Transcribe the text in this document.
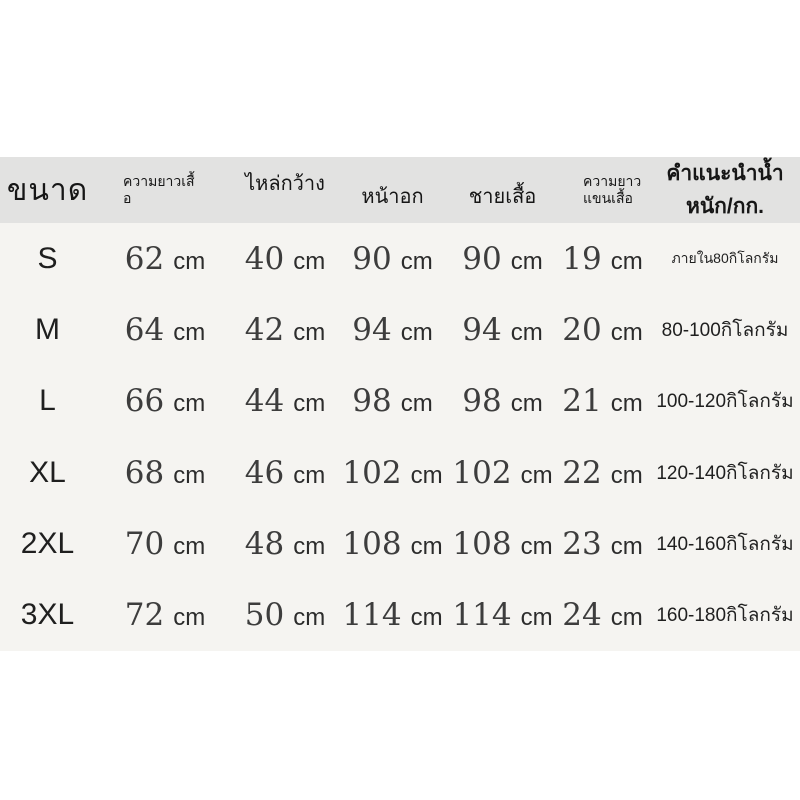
ขนาด ความยาวเสื้อ
ไหล่กว้าง
หน้าอก ชายเสื้อ
ความยาวแขนเสื้อ
คำแนะนำน้ำหนัก/กก.
S 62 cm 40 cm 90 cm 90 cm 19 cm	ภายใน80กิโลกรัม
M 64 cm 42 cm 94 cm 94 cm 20 cm 80-100กิโลกรัม
L 66 cm 44 cm 98 cm 98 cm 21 cm 100-120กิโลกรัม
XL 68 cm 46 cm 102 cm 102 cm 22 cm 120-140กิโลกรัม
2XL 70 cm 48 cm 108 cm 108 cm 23 cm 140-160กิโลกรัม
3XL 72 cm 50 cm 114 cm 114 cm 24 cm 160-180กิโลกรัม
